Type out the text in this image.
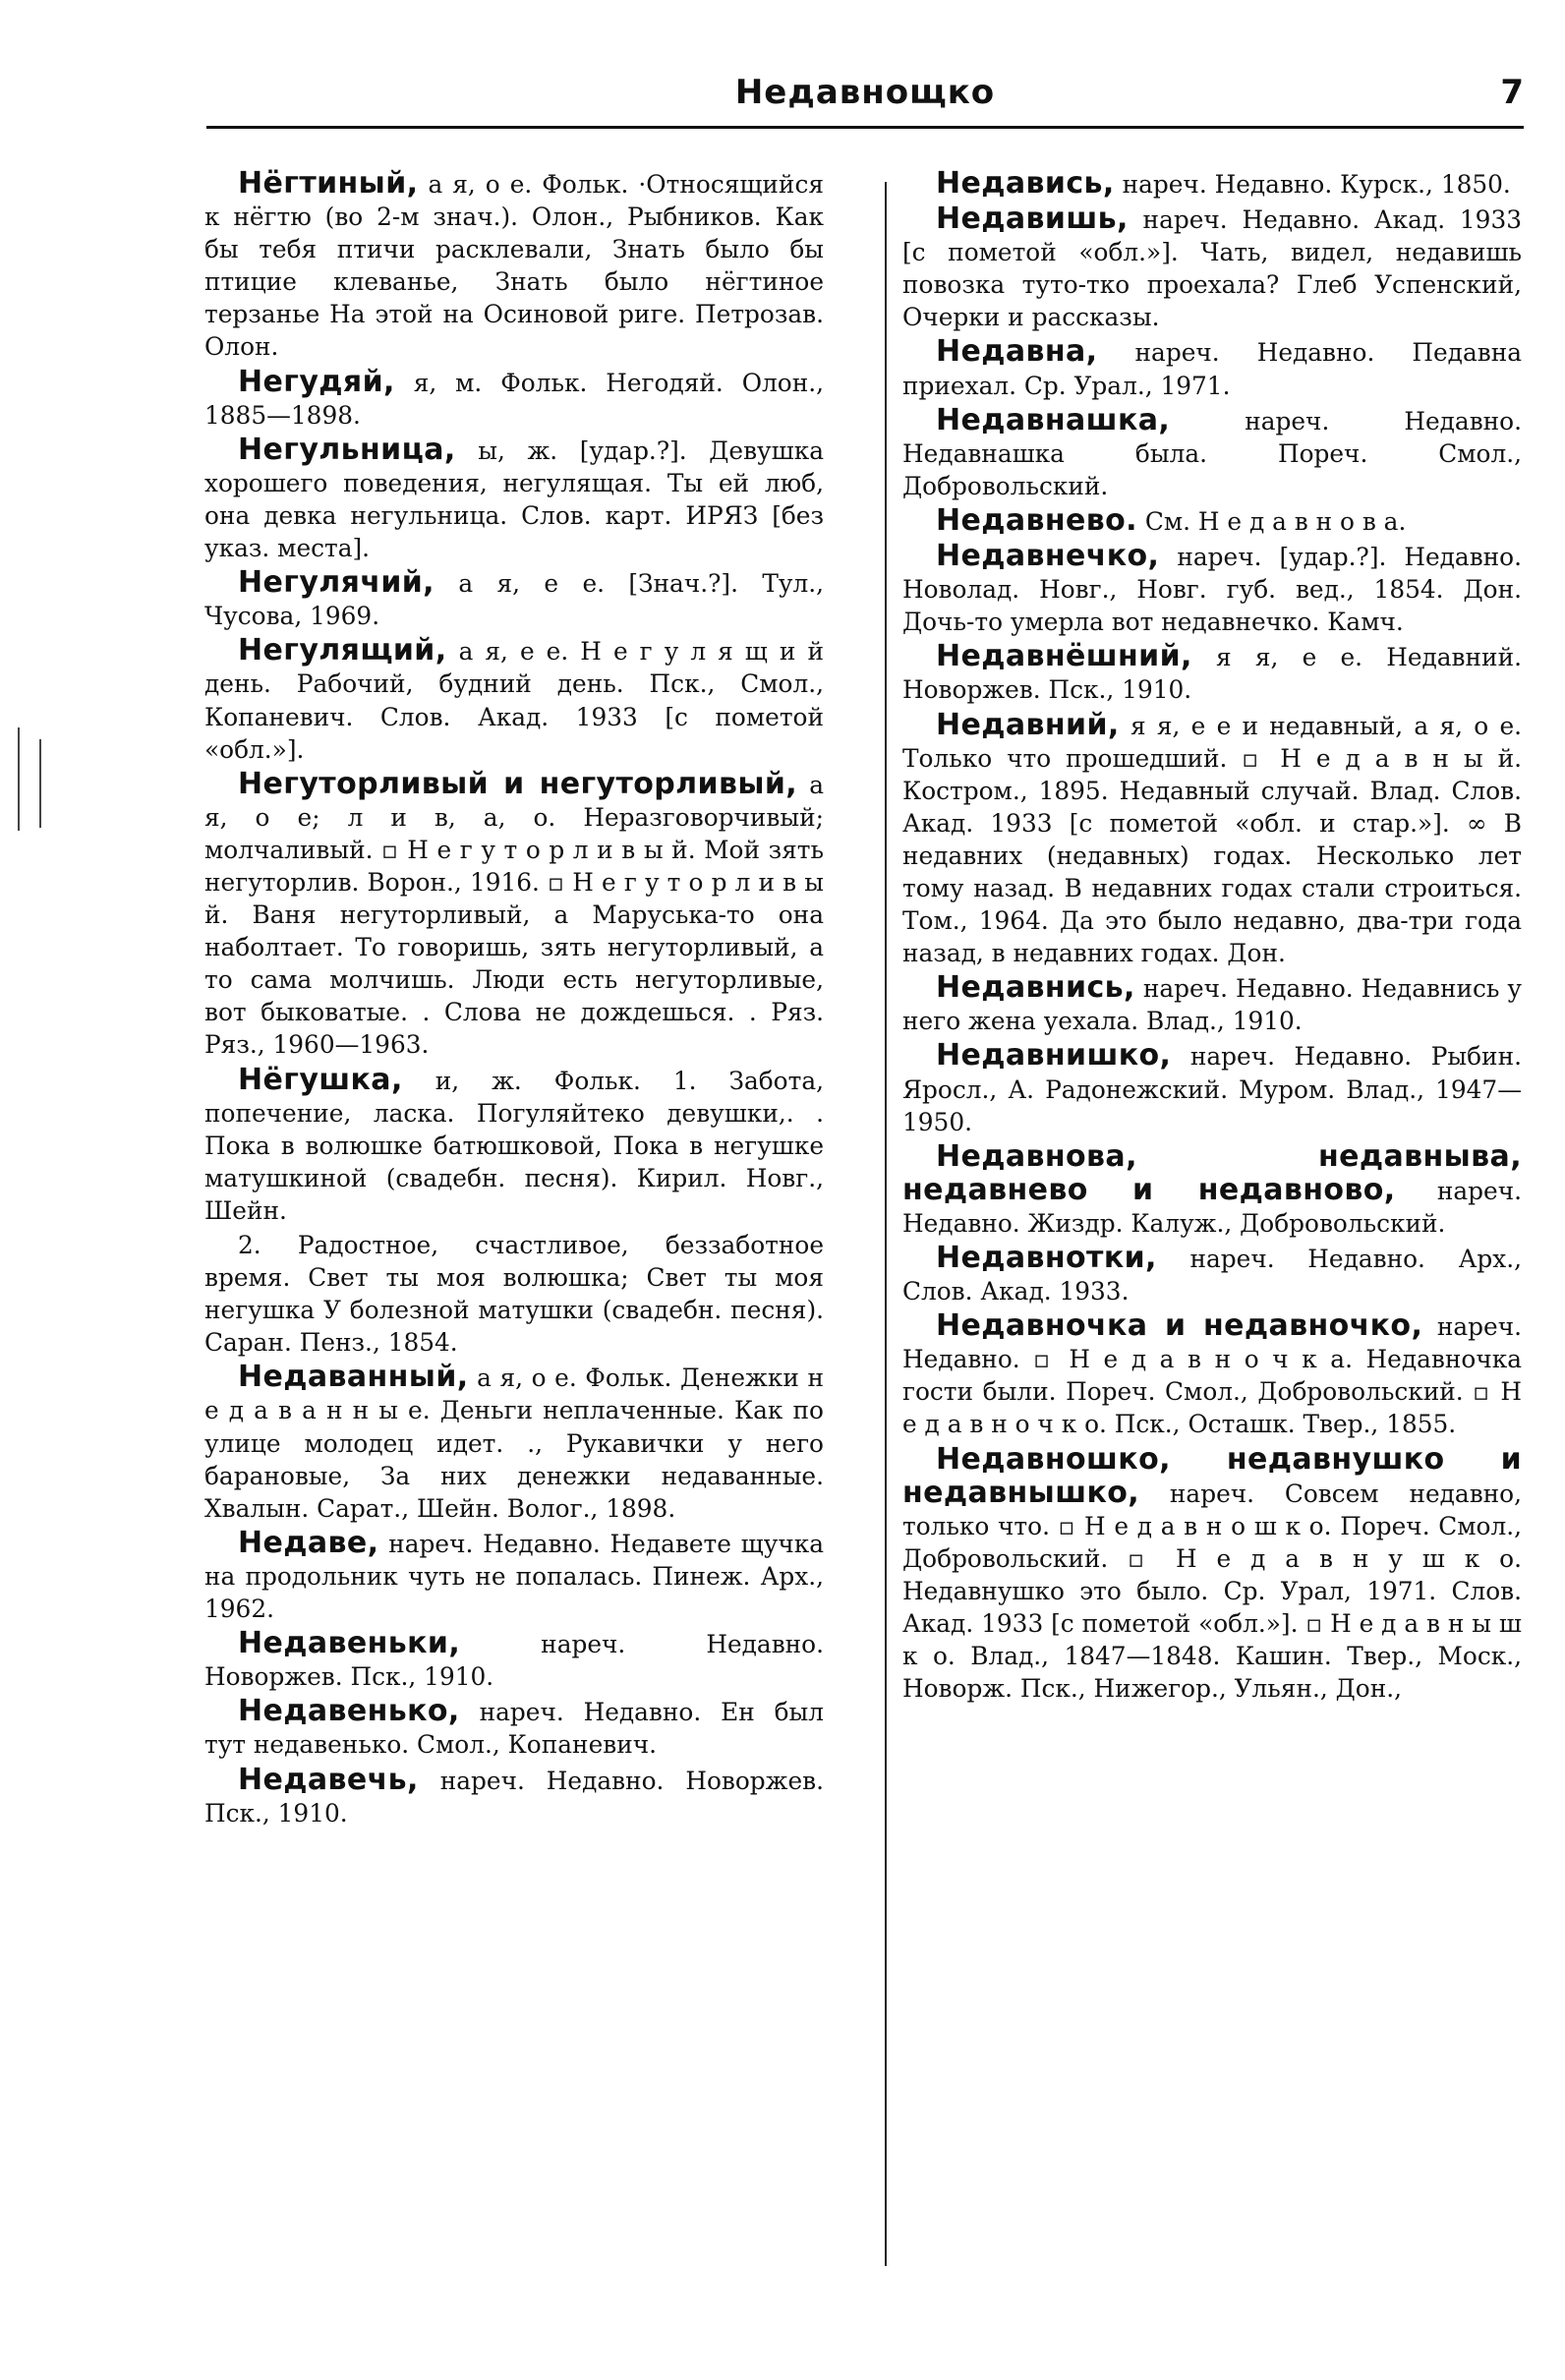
Недавнощко	7

Нёгтиный, а я, о е. Фольк. ·Относящийся к нёгтю (во 2-м знач.). Олон., Рыбников. Как бы тебя птичи расклевали, Знать было бы птицие клеванье, Знать было нёгтиное терзанье На этой на Осиновой риге. Петрозав. Олон.

Негудяй, я, м. Фольк. Негодяй. Олон., 1885—1898.

Негульница, ы, ж. [удар.?]. Девушка хорошего поведения, негулящая. Ты ей люб, она девка негульница. Слов. карт. ИРЯЗ [без указ. места].

Негулячий, а я, е е. [Знач.?]. Тул., Чусова, 1969.

Негулящий, а я, е е. Н е г у л я щ и й день. Рабочий, будний день. Пск., Смол., Копаневич. Слов. Акад. 1933 [с пометой «обл.»].

Негуторливый и негуторливый, а я, о е; л и в, а, о. Неразговорчивый; молчаливый. ▫ Н е г у т о р л и в ы й. Мой зять негуторлив. Ворон., 1916. ▫ Н е г у т о р л и в ы й. Ваня негуторливый, а Маруська-то она наболтает. То говоришь, зять негуторливый, а то сама молчишь. Люди есть негуторливые, вот быковатые. . Слова не дождешься. . Ряз. Ряз., 1960—1963.

Нёгушка, и, ж. Фольк. 1. Забота, попечение, ласка. Погуляйтеко девушки,. . Пока в волюшке батюшковой, Пока в негушке матушкиной (свадебн. песня). Кирил. Новг., Шейн.

2. Радостное, счастливое, беззаботное время. Свет ты моя волюшка; Свет ты моя негушка У болезной матушки (свадебн. песня). Саран. Пенз., 1854.

Недаванный, а я, о е. Фольк. Денежки н е д а в а н н ы е. Деньги неплаченные. Как по улице молодец идет. ., Рукавички у него барановые, За них денежки недаванные. Хвалын. Сарат., Шейн. Волог., 1898.

Недаве, нареч. Недавно. Недавете щучка на продольник чуть не попалась. Пинеж. Арх., 1962.

Недавеньки,	нареч. Недавно. Новоржев. Пск., 1910.

Недавенько, нареч. Недавно. Ен был тут недавенько. Смол., Копаневич.

Недавечь, нареч. Недавно. Новоржев. Пск., 1910.

Недавись, нареч. Недавно. Курск., 1850.

Недавишь, нареч. Недавно. Акад. 1933 [с пометой «обл.»]. Чать, видел, недавишь повозка туто-тко проехала? Глеб Успенский, Очерки и рассказы.

Недавна, нареч. Недавно. Педавна приехал. Ср. Урал., 1971.

Недавнашка,	нареч. Недавно. Недавнашка была. Пореч. Смол., Добровольский.

Недавнево. См. Н е д а в н о в а.

Недавнечко, нареч. [удар.?]. Недавно. Новолад. Новг., Новг. губ. вед., 1854. Дон. Дочь-то умерла вот недавнечко. Камч.

Недавнёшний, я я, е е. Недавний. Новоржев. Пск., 1910.

Недавний, я я, е е и недавный, а я, о е. Только что прошедший. ▫ Н е д а в н ы й. Костром., 1895. Недавный случай. Влад. Слов. Акад. 1933 [с пометой «обл. и стар.»]. ∞ В недавних (недавных) годах. Несколько лет тому назад. В недавних годах стали строиться. Том., 1964. Да это было недавно, два-три года назад, в недавних годах. Дон.

Недавнись, нареч. Недавно. Недавнись у него жена уехала. Влад., 1910.

Недавнишко, нареч. Недавно. Рыбин. Яросл., А. Радонежский. Муром. Влад., 1947—1950.

Недавнова, недавныва, недавнево и недавново, нареч. Недавно. Жиздр. Калуж., Добровольский.

Недавнотки, нареч. Недавно. Арх., Слов. Акад. 1933.

Недавночка и недавночко, нареч. Недавно. ▫ Н е д а в н о ч к а. Недавночка гости были. Пореч. Смол., Добровольский. ▫ Н е д а в н о ч к о. Пск., Осташк. Твер., 1855.

Недавношко, недавнушко и недавнышко, нареч. Совсем недавно, только что. ▫ Н е д а в н о ш к о. Пореч. Смол., Добровольский. ▫ Н е д а в н у ш к о. Недавнушко это было. Ср. Урал, 1971. Слов. Акад. 1933 [с пометой «обл.»]. ▫ Н е д а в н ы ш к о. Влад., 1847—1848. Кашин. Твер., Моск., Новорж. Пск., Нижегор., Ульян., Дон.,
